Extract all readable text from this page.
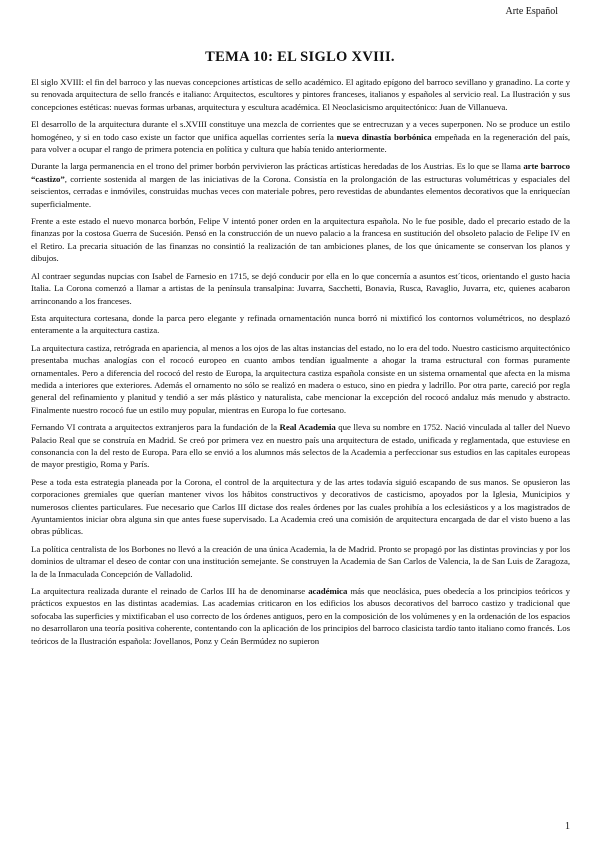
Arte Español
TEMA 10: EL SIGLO XVIII.

El siglo XVIII: el fin del barroco y las nuevas concepciones artísticas de sello académico. El agitado epígono del barroco sevillano y granadino. La corte y su renovada arquitectura de sello francés e italiano: Arquitectos, escultores y pintores franceses, italianos y españoles al servicio real. La Ilustración y sus concepciones estéticas: nuevas formas urbanas, arquitectura y escultura académica. El Neoclasicismo arquitectónico: Juan de Villanueva.

El desarrollo de la arquitectura durante el s.XVIII constituye una mezcla de corrientes que se entrecruzan y a veces superponen. No se produce un estilo homogéneo, y si en todo caso existe un factor que unifica aquellas corrientes sería la nueva dinastía borbónica empeñada en la regeneración del país, para volver a ocupar el rango de primera potencia en política y cultura que había tenido anteriormente.

Durante la larga permanencia en el trono del primer borbón pervivieron las prácticas artísticas heredadas de los Austrias. Es lo que se llama arte barroco “castizo”, corriente sostenida al margen de las iniciativas de la Corona. Consistía en la prolongación de las estructuras volumétricas y espaciales del seiscientos, cerradas e inmóviles, construidas muchas veces con materiale pobres, pero revestidas de abundantes elementos decorativos que la enriquecían superficialmente.

Frente a este estado el nuevo monarca borbón, Felipe V intentó poner orden en la arquitectura española. No le fue posible, dado el precario estado de la finanzas por la costosa Guerra de Sucesión. Pensó en la construcción de un nuevo palacio a la francesa en sustitución del obsoleto palacio de Felipe IV en el Retiro. La precaria situación de las finanzas no consintió la realización de tan ambiciones planes, de los que únicamente se conservan los planos y dibujos.

Al contraer segundas nupcias con Isabel de Farnesio en 1715, se dejó conducir por ella en lo que concernía a asuntos est´ticos, orientando el gusto hacia Italia. La Corona comenzó a llamar a artistas de la península transalpina: Juvarra, Sacchetti, Bonavia, Rusca, Ravaglio, Juvarra, etc, quienes acabaron arrinconando a los franceses.

Esta arquitectura cortesana, donde la parca pero elegante y refinada ornamentación nunca borró ni mixtificó los contornos volumétricos, no desplazó enteramente a la arquitectura castiza.

La arquitectura castiza, retrógrada en apariencia, al menos a los ojos de las altas instancias del estado, no lo era del todo. Nuestro casticismo arquitectónico presentaba muchas analogías con el rococó europeo en cuanto ambos tendían igualmente a ahogar la trama estructural con formas puramente ornamentales. Pero a diferencia del rococó del resto de Europa, la arquitectura castiza española consiste en un sistema ornamental que afecta en la misma medida a interiores que exteriores. Además el ornamento no sólo se realizó en madera o estuco, sino en piedra y ladrillo. Por otra parte, careció por regla general del refinamiento y planitud y tendió a ser más plástico y naturalista, cabe mencionar la excepción del rococó andaluz más menudo y abstracto. Finalmente nuestro rococó fue un estilo muy popular, mientras en Europa lo fue cortesano.

Fernando VI contrata a arquitectos extranjeros para la fundación de la Real Academia que lleva su nombre en 1752. Nació vinculada al taller del Nuevo Palacio Real que se construía en Madrid. Se creó por primera vez en nuestro país una arquitectura de estado, unificada y reglamentada, que estuviese en consonancia con la del resto de Europa. Para ello se envió a los alumnos más selectos de la Academia a perfeccionar sus estudios en las capitales europeas de mayor prestigio, Roma y París.

Pese a toda esta estrategia planeada por la Corona, el control de la arquitectura y de las artes todavía siguió escapando de sus manos. Se opusieron las corporaciones gremiales que querían mantener vivos los hábitos constructivos y decorativos de casticismo, apoyados por la Iglesia, Municipios y numerosos clientes particulares. Fue necesario que Carlos III dictase dos reales órdenes por las cuales prohibía a los eclesiásticos y a los magistrados de Ayuntamientos iniciar obra alguna sin que antes fuese supervisado. La Academia creó una comisión de arquitectura encargada de dar el visto bueno a las obras públicas.

La política centralista de los Borbones no llevó a la creación de una única Academia, la de Madrid. Pronto se propagó por las distintas provincias y por los dominios de ultramar el deseo de contar con una institución semejante. Se construyen la Academia de San Carlos de Valencia, la de San Luis de Zaragoza, la de la Inmaculada Concepción de Valladolid.

La arquitectura realizada durante el reinado de Carlos III ha de denominarse académica más que neoclásica, pues obedecía a los principios teóricos y prácticos expuestos en las distintas academias. Las academias criticaron en los edificios los abusos decorativos del barroco castizo y tradicional que sofocaba las superficies y mixtificaban el uso correcto de los órdenes antiguos, pero en la composición de los volúmenes y en la ordenación de los espacios no desarrollaron una teoría positiva coherente, contentando con la aplicación de los principios del barroco clasicista tardío tanto italiano como francés. Los teóricos de la Ilustración española: Jovellanos, Ponz y Ceán Bermúdez no supieron

1
